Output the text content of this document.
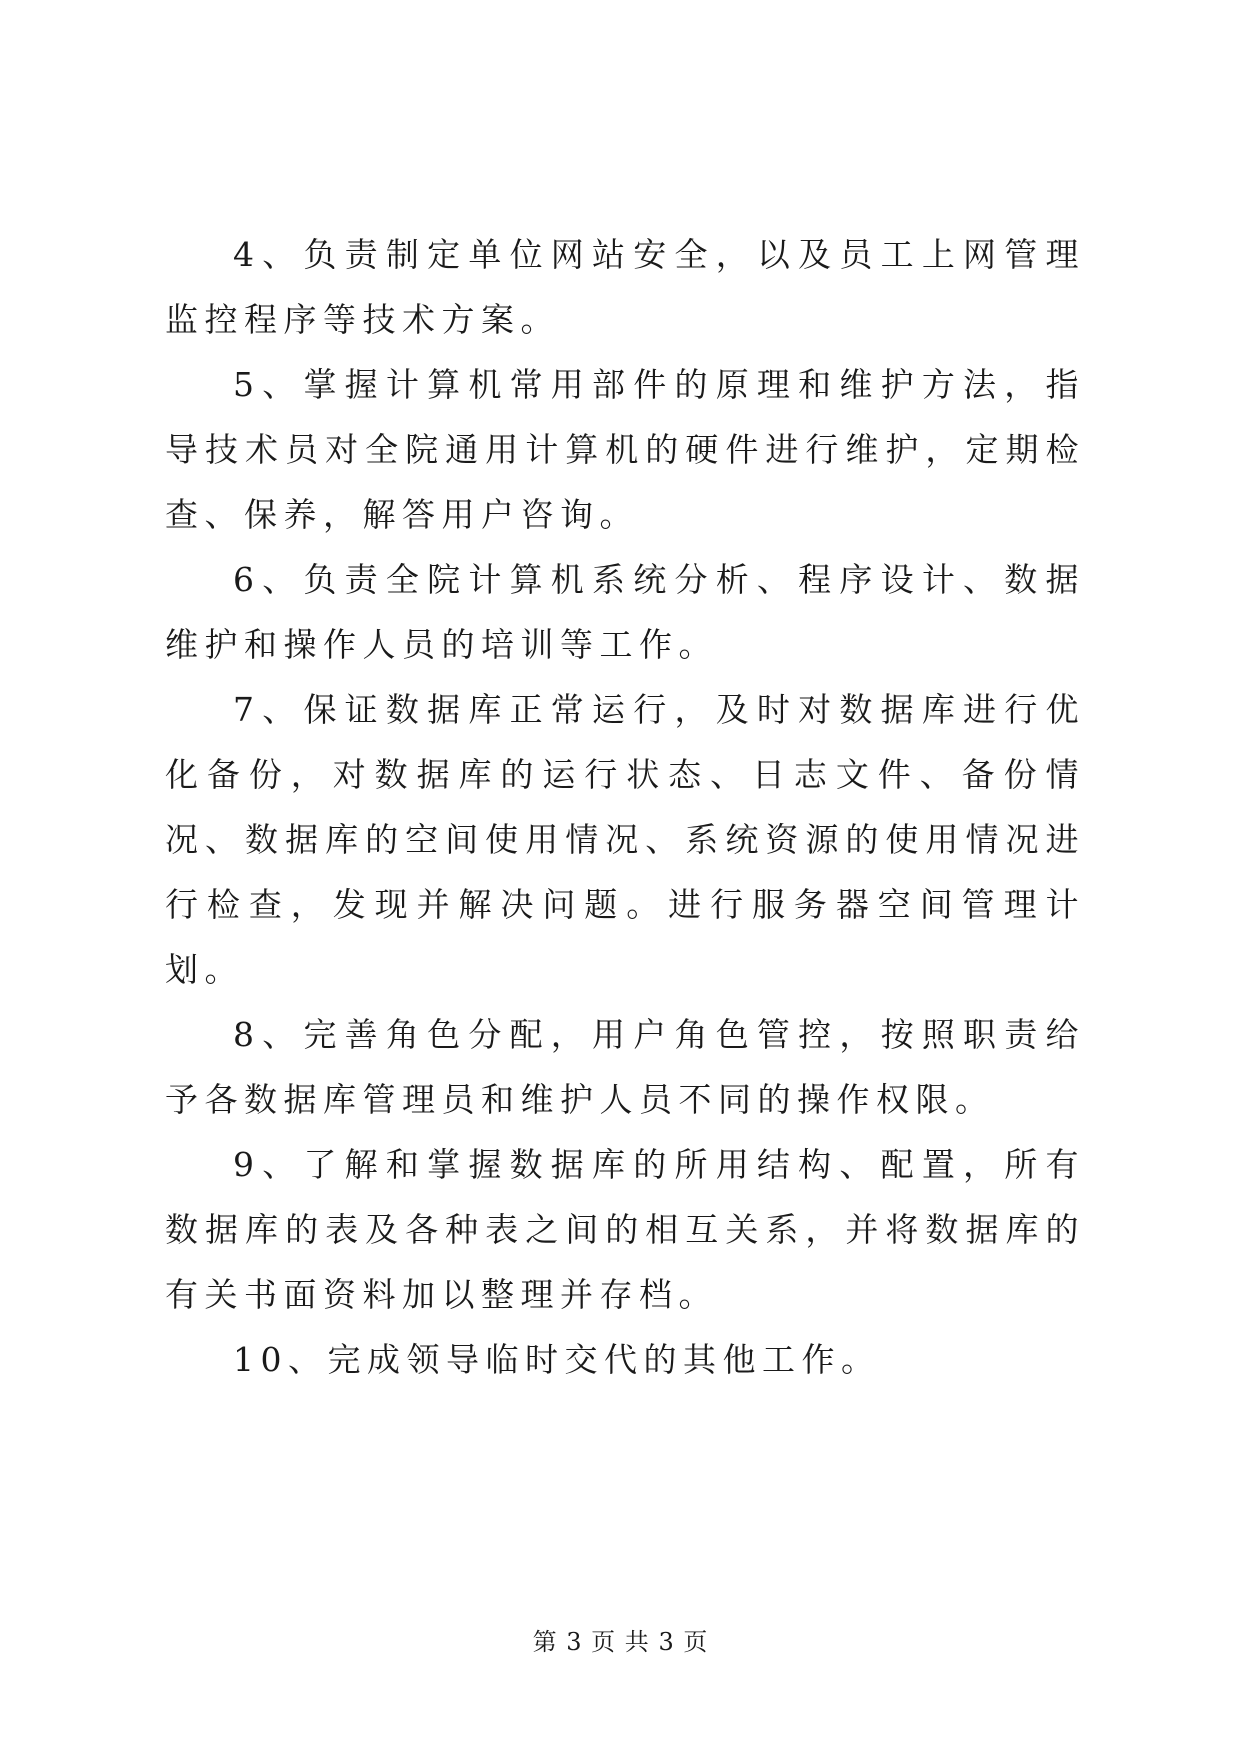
4、负责制定单位网站安全，以及员工上网管理监控程序等技术方案。

5、掌握计算机常用部件的原理和维护方法，指导技术员对全院通用计算机的硬件进行维护，定期检查、保养，解答用户咨询。

6、负责全院计算机系统分析、程序设计、数据维护和操作人员的培训等工作。

7、保证数据库正常运行，及时对数据库进行优化备份，对数据库的运行状态、日志文件、备份情况、数据库的空间使用情况、系统资源的使用情况进行检查，发现并解决问题。进行服务器空间管理计划。

8、完善角色分配，用户角色管控，按照职责给予各数据库管理员和维护人员不同的操作权限。

9、了解和掌握数据库的所用结构、配置，所有数据库的表及各种表之间的相互关系，并将数据库的有关书面资料加以整理并存档。

10、完成领导临时交代的其他工作。

第 3 页 共 3 页
